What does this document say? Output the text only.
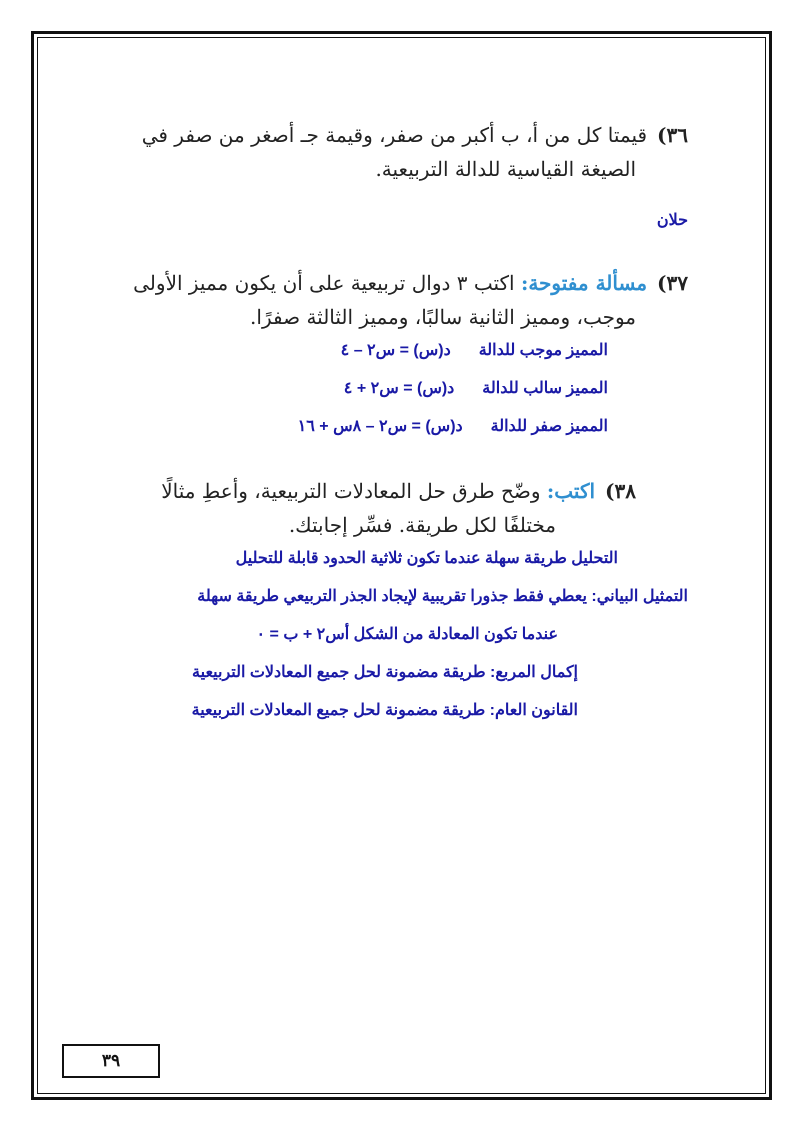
٣٦)قيمتا كل من أ، ب أكبر من صفر، وقيمة جـ أصغر من صفر في
الصيغة القياسية للدالة التربيعية.

حلان

٣٧)مسألة مفتوحة: اكتب ٣ دوال تربيعية على أن يكون مميز الأولى
موجب، ومميز الثانية سالبًا، ومميز الثالثة صفرًا.

المميز موجب للدالة
د(س) = س٢ – ٤

المميز سالب للدالة
د(س) = س٢ + ٤

المميز صفر للدالة
د(س) = س٢ – ٨س + ١٦

٣٨)اكتب: وضّح طرق حل المعادلات التربيعية، وأعطِ مثالًا
مختلفًا لكل طريقة. فسِّر إجابتك.

التحليل طريقة سهلة عندما تكون ثلاثية الحدود قابلة للتحليل

التمثيل البياني: يعطي فقط جذورا تقريبية لإيجاد الجذر التربيعي طريقة سهلة

عندما تكون المعادلة من الشكل أس٢ + ب = ٠

إكمال المربع: طريقة مضمونة لحل جميع المعادلات التربيعية

القانون العام: طريقة مضمونة لحل جميع المعادلات التربيعية

٣٩
